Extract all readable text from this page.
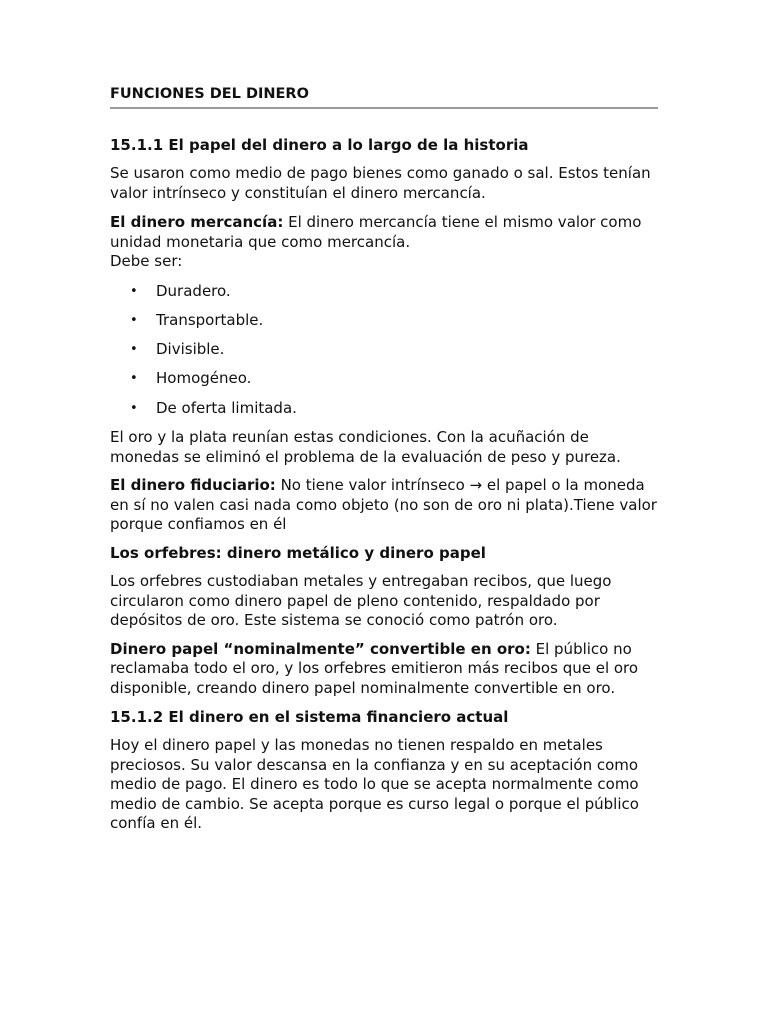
FUNCIONES DEL DINERO
15.1.1 El papel del dinero a lo largo de la historia

Se usaron como medio de pago bienes como ganado o sal. Estos tenían valor intrínseco y constituían el dinero mercancía.

El dinero mercancía: El dinero mercancía tiene el mismo valor como unidad monetaria que como mercancía.
Debe ser:

• Duradero.
• Transportable.
• Divisible.
• Homogéneo.
• De oferta limitada.

El oro y la plata reunían estas condiciones. Con la acuñación de monedas se eliminó el problema de la evaluación de peso y pureza.

El dinero fiduciario: No tiene valor intrínseco → el papel o la moneda en sí no valen casi nada como objeto (no son de oro ni plata).Tiene valor porque confiamos en él

Los orfebres: dinero metálico y dinero papel

Los orfebres custodiaban metales y entregaban recibos, que luego circularon como dinero papel de pleno contenido, respaldado por depósitos de oro. Este sistema se conoció como patrón oro.

Dinero papel “nominalmente” convertible en oro: El público no reclamaba todo el oro, y los orfebres emitieron más recibos que el oro disponible, creando dinero papel nominalmente convertible en oro.

15.1.2 El dinero en el sistema financiero actual

Hoy el dinero papel y las monedas no tienen respaldo en metales preciosos. Su valor descansa en la confianza y en su aceptación como medio de pago. El dinero es todo lo que se acepta normalmente como medio de cambio. Se acepta porque es curso legal o porque el público confía en él.
